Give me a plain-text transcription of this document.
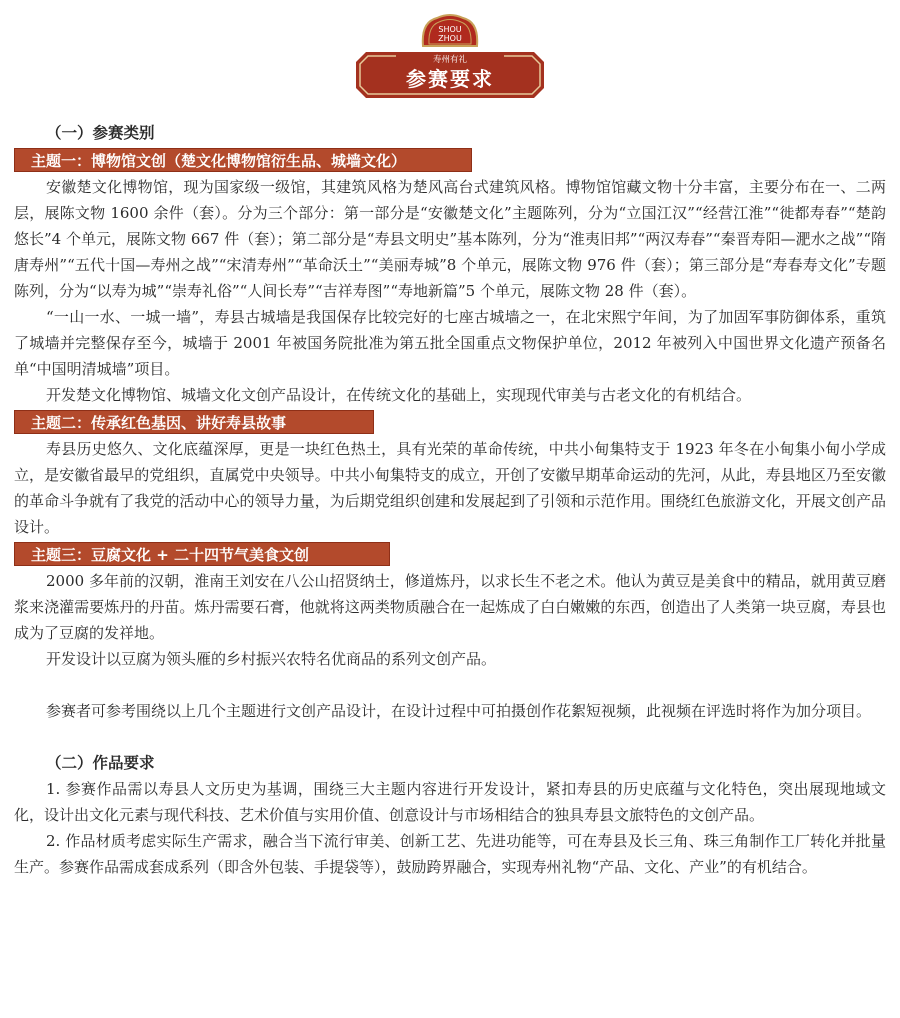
SHOU
ZHOU
寿州有礼
参赛要求
（一）参赛类别
主题一：博物馆文创（楚文化博物馆衍生品、城墙文化）

安徽楚文化博物馆，现为国家级一级馆，其建筑风格为楚风高台式建筑风格。博物馆馆藏文物十分丰富，主要分布在一、二两层，展陈文物 1600 余件（套）。分为三个部分：第一部分是“安徽楚文化”主题陈列，分为“立国江汉”“经营江淮”“徙都寿春”“楚韵悠长”4 个单元，展陈文物 667 件（套）；第二部分是“寿县文明史”基本陈列，分为“淮夷旧邦”“两汉寿春”“秦晋寿阳—淝水之战”“隋唐寿州”“五代十国—寿州之战”“宋清寿州”“革命沃土”“美丽寿城”8 个单元，展陈文物 976 件（套）；第三部分是“寿春寿文化”专题陈列，分为“以寿为城”“崇寿礼俗”“人间长寿”“吉祥寿图”“寿地新篇”5 个单元，展陈文物 28 件（套）。

“一山一水、一城一墙”，寿县古城墙是我国保存比较完好的七座古城墙之一，在北宋熙宁年间，为了加固军事防御体系，重筑了城墙并完整保存至今，城墙于 2001 年被国务院批准为第五批全国重点文物保护单位，2012 年被列入中国世界文化遗产预备名单“中国明清城墙”项目。

开发楚文化博物馆、城墙文化文创产品设计，在传统文化的基础上，实现现代审美与古老文化的有机结合。

主题二：传承红色基因、讲好寿县故事

寿县历史悠久、文化底蕴深厚，更是一块红色热土，具有光荣的革命传统，中共小甸集特支于 1923 年冬在小甸集小甸小学成立，是安徽省最早的党组织，直属党中央领导。中共小甸集特支的成立，开创了安徽早期革命运动的先河，从此，寿县地区乃至安徽的革命斗争就有了我党的活动中心的领导力量，为后期党组织创建和发展起到了引领和示范作用。围绕红色旅游文化，开展文创产品设计。

主题三：豆腐文化 + 二十四节气美食文创

2000 多年前的汉朝，淮南王刘安在八公山招贤纳士，修道炼丹，以求长生不老之术。他认为黄豆是美食中的精品，就用黄豆磨浆来浇灌需要炼丹的丹苗。炼丹需要石膏，他就将这两类物质融合在一起炼成了白白嫩嫩的东西，创造出了人类第一块豆腐，寿县也成为了豆腐的发祥地。

开发设计以豆腐为领头雁的乡村振兴农特名优商品的系列文创产品。

参赛者可参考围绕以上几个主题进行文创产品设计，在设计过程中可拍摄创作花絮短视频，此视频在评选时将作为加分项目。

（二）作品要求

1. 参赛作品需以寿县人文历史为基调，围绕三大主题内容进行开发设计，紧扣寿县的历史底蕴与文化特色，突出展现地域文化，设计出文化元素与现代科技、艺术价值与实用价值、创意设计与市场相结合的独具寿县文旅特色的文创产品。

2. 作品材质考虑实际生产需求，融合当下流行审美、创新工艺、先进功能等，可在寿县及长三角、珠三角制作工厂转化并批量生产。参赛作品需成套成系列（即含外包装、手提袋等），鼓励跨界融合，实现寿州礼物“产品、文化、产业”的有机结合。
